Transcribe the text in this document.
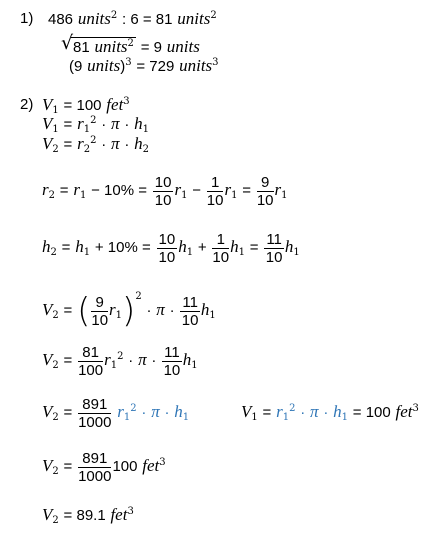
1) 486 units$^2$ : 6 = 81 units$^2$
√ 81 units$^2$ = 9 units
(9 units)$^3$ = 729 units$^3$
2) $V_1 = 100$ fet$^3$
$V_1 = r_1^2 \cdot \pi \cdot h_1$
$V_2 = r_2^2 \cdot \pi \cdot h_2$
$r_2 = r_1 - 10\% = \frac{10}{10} r_1 - \frac{1}{10} r_1 = \frac{9}{10} r_1$
$h_2 = h_1 + 10\% = \frac{10}{10} h_1 + \frac{1}{10} h_1 = \frac{11}{10} h_1$
$V_2$ = ( $\frac{9}{10} r_1)^2 \cdot \pi \cdot \frac{11}{10} h_1$
$V_2 = \frac{81}{100} r_1^2 \cdot \pi \cdot \frac{11}{10} h_1$
$V_2 = \frac{891}{1000} r_1^2 \cdot \pi \cdot h_1$	$V_1 = r_1^2 \cdot \pi \cdot h_1 = 100$ fet$^3$
$V_2 = \frac{891}{1000} 100$ fet$^3$
$V_2 = 89.1$ fet$^3$
